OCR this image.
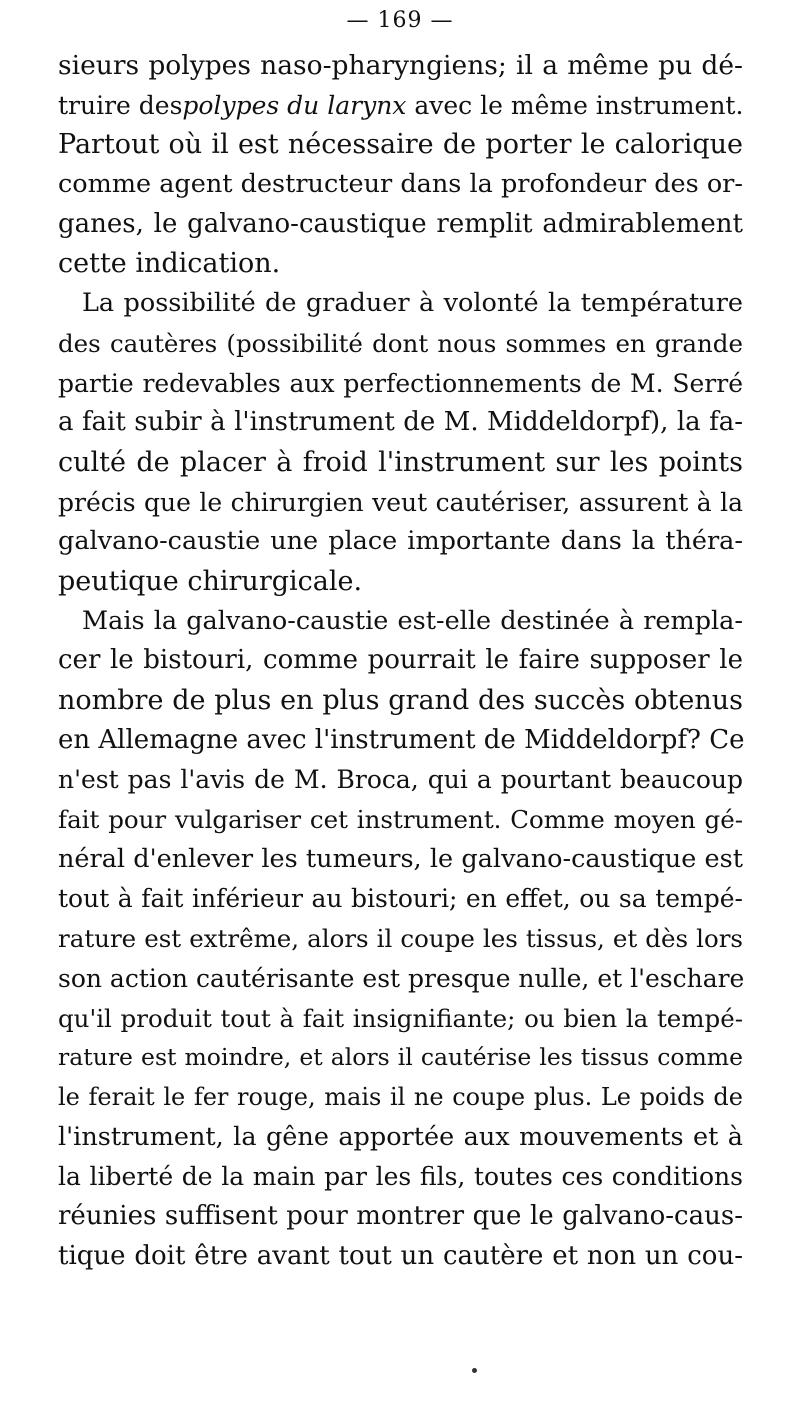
— 169 —
sieurs polypes naso-pharyngiens; il a même pu dé-
truire despolypes du larynx avec le même instrument.
Partout où il est nécessaire de porter le calorique
comme agent destructeur dans la profondeur des or-
ganes, le galvano-caustique remplit admirablement
cette indication.
La possibilité de graduer à volonté la température
des cautères (possibilité dont nous sommes en grande
partie redevables aux perfectionnements de M. Serré
a fait subir à l'instrument de M. Middeldorpf), la fa-
culté de placer à froid l'instrument sur les points
précis que le chirurgien veut cautériser, assurent à la
galvano-caustie une place importante dans la théra-
peutique chirurgicale.
Mais la galvano-caustie est-elle destinée à rempla-
cer le bistouri, comme pourrait le faire supposer le
nombre de plus en plus grand des succès obtenus
en Allemagne avec l'instrument de Middeldorpf? Ce
n'est pas l'avis de M. Broca, qui a pourtant beaucoup
fait pour vulgariser cet instrument. Comme moyen gé-
néral d'enlever les tumeurs, le galvano-caustique est
tout à fait inférieur au bistouri; en effet, ou sa tempé-
rature est extrême, alors il coupe les tissus, et dès lors
son action cautérisante est presque nulle, et l'eschare
qu'il produit tout à fait insignifiante; ou bien la tempé-
rature est moindre, et alors il cautérise les tissus comme
le ferait le fer rouge, mais il ne coupe plus. Le poids de
l'instrument, la gêne apportée aux mouvements et à
la liberté de la main par les fils, toutes ces conditions
réunies suffisent pour montrer que le galvano-caus-
tique doit être avant tout un cautère et non un cou-
